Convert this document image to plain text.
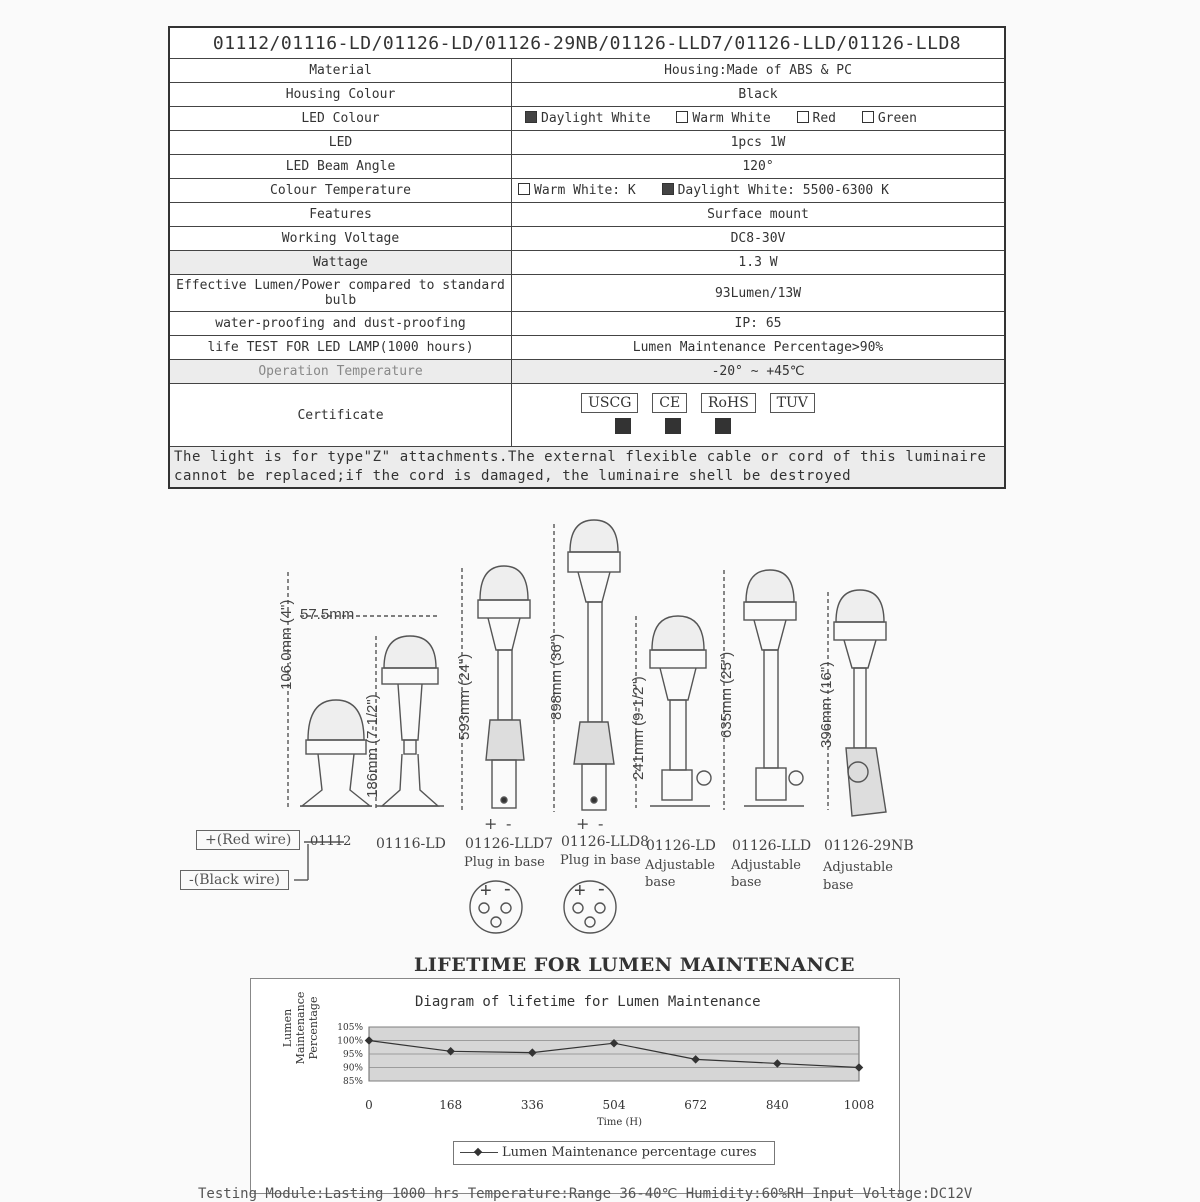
01112/01116-LD/01126-LD/01126-29NB/01126-LLD7/01126-LLD/01126-LLD8	
Material	Housing:Made of ABS & PC
Housing Colour	Black
LED Colour	Daylight White Warm White Red Green
LED	1pcs 1W
LED Beam Angle	120°
Colour Temperature	Warm White: K Daylight White: 5500-6300 K
Features	Surface mount
Working Voltage	DC8-30V
Wattage	1.3 W
Effective Lumen/Power compared to standard bulb	93Lumen/13W
water-proofing and dust-proofing	IP: 65
life TEST FOR LED LAMP(1000 hours)	Lumen Maintenance Percentage>90%
Operation Temperature	-20° ~ +45℃
Certificate	USCG CE RoHS TUV

The light is for type"Z" attachments.The external flexible cable or cord of this luminaire cannot be replaced;if the cord is damaged, the luminaire shell be destroyed	
57.5mm
106.0mm (4")
186mm (7-1/2")	593mm (24")	898mm (36")	241mm (9-1/2")	635mm (25")	396mm (16")
+ -	+ -
+ -	+ -
+(Red wire)
-(Black wire)
01112 01116-LD 01126-LLD7
Plug in base
01126-LLD8
Plug in base
01126-LD
Adjustable base
01126-LLD
Adjustable base
01126-29NB
Adjustable base
LIFETIME FOR LUMEN MAINTENANCE
Diagram of lifetime for Lumen Maintenance
105%
100%
95%
90%
85%
0	168	336	504	672	840	1008
Time (H)
Lumen Maintenance Percentage
Lumen Maintenance percentage cures
Testing Module:Lasting 1000 hrs Temperature:Range 36-40℃ Humidity:60%RH Input Voltage:DC12V
